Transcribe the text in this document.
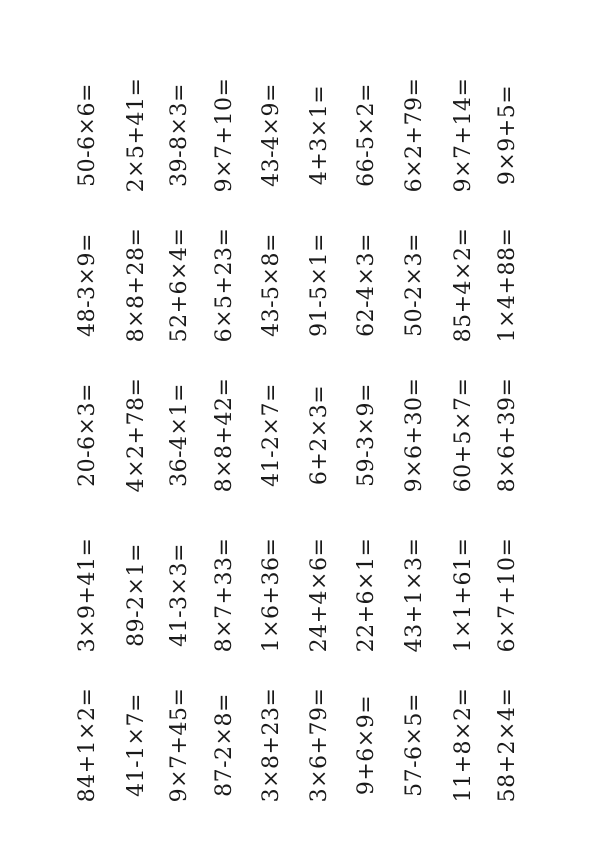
50-6×6= 2×5+41= 39-8×3= 9×7+10= 43-4×9= 4+3×1= 66-5×2= 6×2+79= 9×7+14= 9×9+5=
48-3×9= 8×8+28= 52+6×4= 6×5+23= 43-5×8= 91-5×1= 62-4×3= 50-2×3= 85+4×2= 1×4+88=
20-6×3= 4×2+78= 36-4×1= 8×8+42= 41-2×7= 6+2×3= 59-3×9= 9×6+30= 60+5×7= 8×6+39=
3×9+41= 89-2×1= 41-3×3= 8×7+33= 1×6+36= 24+4×6= 22+6×1= 43+1×3= 1×1+61= 6×7+10=
84+1×2= 41-1×7= 9×7+45= 87-2×8= 3×8+23= 3×6+79= 9+6×9= 57-6×5= 11+8×2= 58+2×4=
